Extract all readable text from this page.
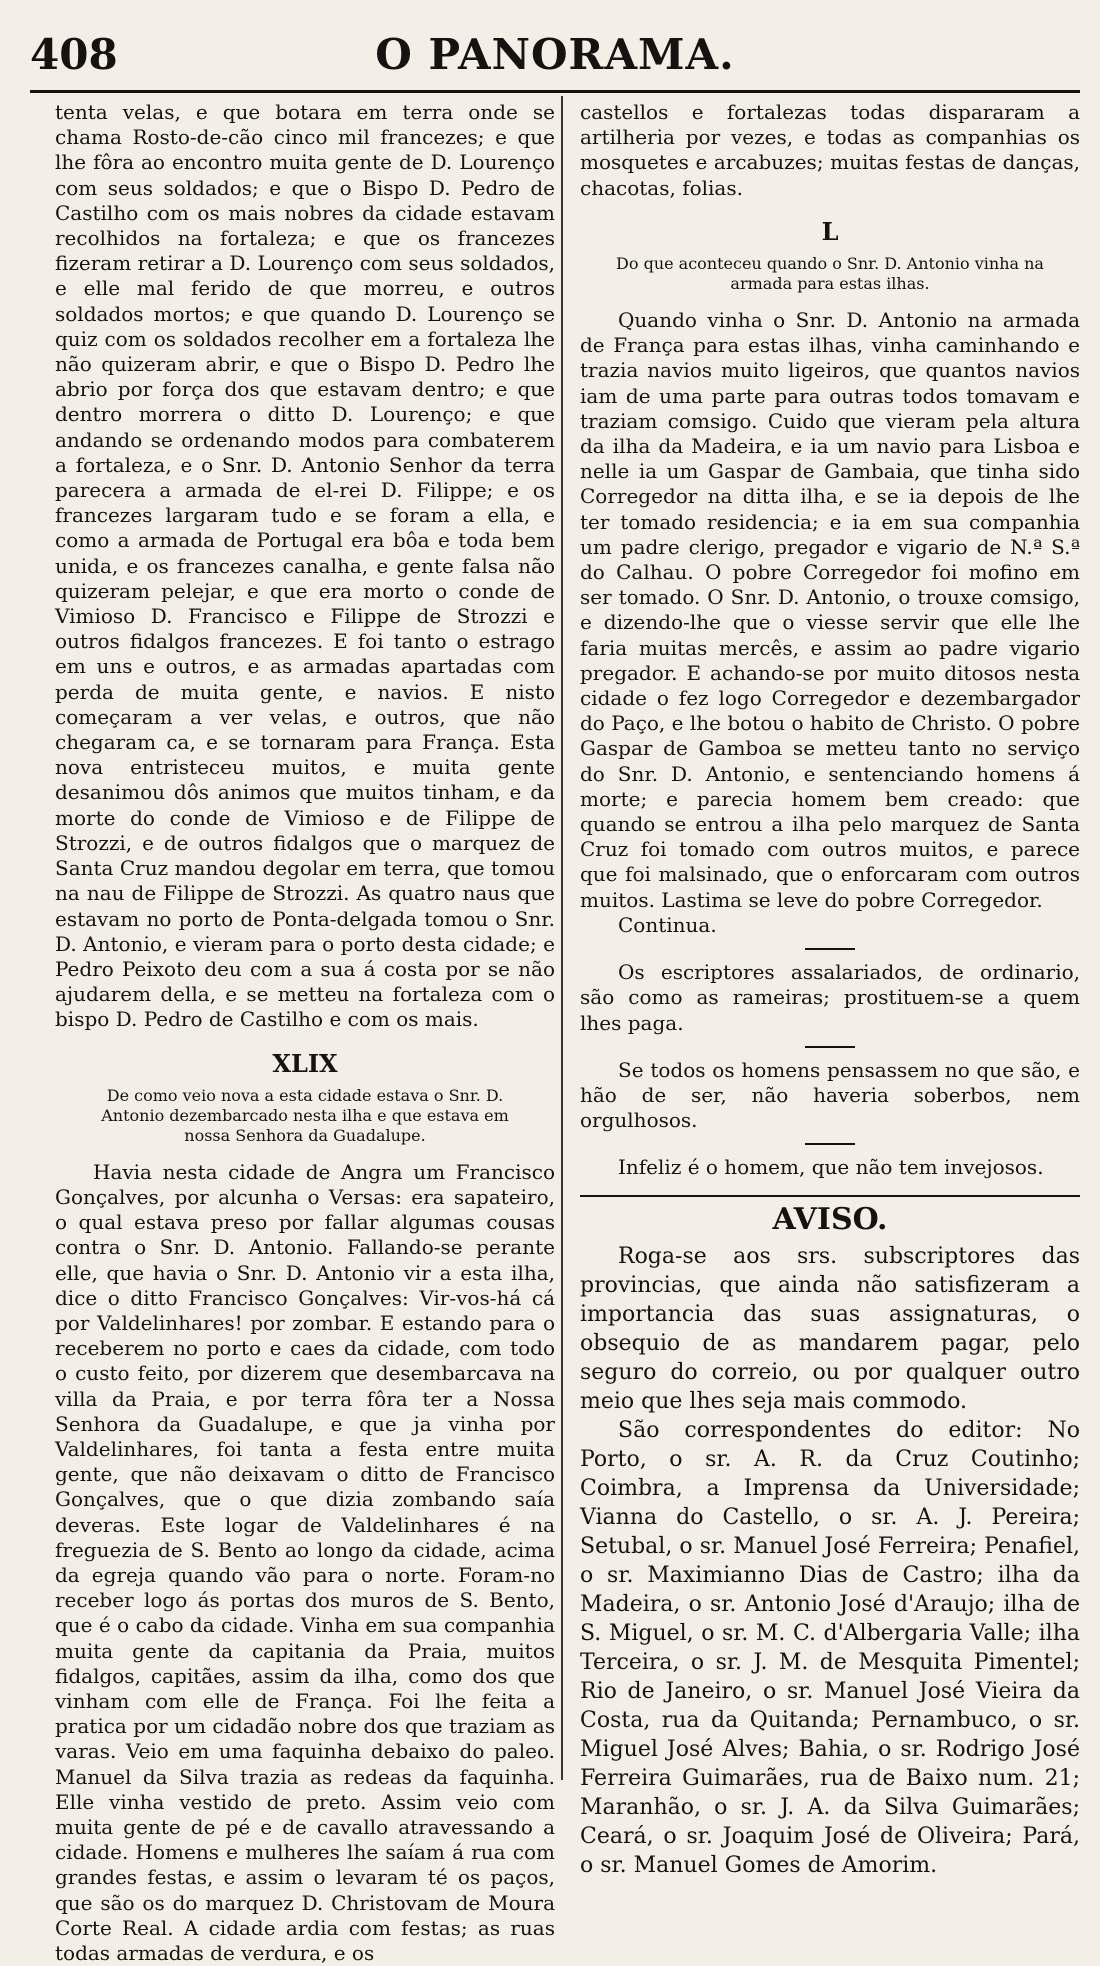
408	O PANORAMA.

tenta velas, e que botara em terra onde se chama Rosto-de-cão cinco mil francezes; e que lhe fôra ao encontro muita gente de D. Lourenço com seus soldados; e que o Bispo D. Pedro de Castilho com os mais nobres da cidade estavam recolhidos na fortaleza; e que os francezes fizeram retirar a D. Lourenço com seus soldados, e elle mal ferido de que morreu, e outros soldados mortos; e que quando D. Lourenço se quiz com os soldados recolher em a fortaleza lhe não quizeram abrir, e que o Bispo D. Pedro lhe abrio por força dos que estavam dentro; e que dentro morrera o ditto D. Lourenço; e que andando se ordenando modos para combaterem a fortaleza, e o Snr. D. Antonio Senhor da terra parecera a armada de el-rei D. Filippe; e os francezes largaram tudo e se foram a ella, e como a armada de Portugal era bôa e toda bem unida, e os francezes canalha, e gente falsa não quizeram pelejar, e que era morto o conde de Vimioso D. Francisco e Filippe de Strozzi e outros fidalgos francezes. E foi tanto o estrago em uns e outros, e as armadas apartadas com perda de muita gente, e navios. E nisto começaram a ver velas, e outros, que não chegaram ca, e se tornaram para França. Esta nova entristeceu muitos, e muita gente desanimou dôs animos que muitos tinham, e da morte do conde de Vimioso e de Filippe de Strozzi, e de outros fidalgos que o marquez de Santa Cruz mandou degolar em terra, que tomou na nau de Filippe de Strozzi. As quatro naus que estavam no porto de Ponta-delgada tomou o Snr. D. Antonio, e vieram para o porto desta cidade; e Pedro Peixoto deu com a sua á costa por se não ajudarem della, e se metteu na fortaleza com o bispo D. Pedro de Castilho e com os mais.

XLIX

De como veio nova a esta cidade estava o Snr. D. Antonio dezembarcado nesta ilha e que estava em nossa Senhora da Guadalupe.

Havia nesta cidade de Angra um Francisco Gonçalves, por alcunha o Versas: era sapateiro, o qual estava preso por fallar algumas cousas contra o Snr. D. Antonio. Fallando-se perante elle, que havia o Snr. D. Antonio vir a esta ilha, dice o ditto Francisco Gonçalves: Vir-vos-há cá por Valdelinhares! por zombar. E estando para o receberem no porto e caes da cidade, com todo o custo feito, por dizerem que desembarcava na villa da Praia, e por terra fôra ter a Nossa Senhora da Guadalupe, e que ja vinha por Valdelinhares, foi tanta a festa entre muita gente, que não deixavam o ditto de Francisco Gonçalves, que o que dizia zombando saía deveras. Este logar de Valdelinhares é na freguezia de S. Bento ao longo da cidade, acima da egreja quando vão para o norte. Foram-no receber logo ás portas dos muros de S. Bento, que é o cabo da cidade. Vinha em sua companhia muita gente da capitania da Praia, muitos fidalgos, capitães, assim da ilha, como dos que vinham com elle de França. Foi lhe feita a pratica por um cidadão nobre dos que traziam as varas. Veio em uma faquinha debaixo do paleo. Manuel da Silva trazia as redeas da faquinha. Elle vinha vestido de preto. Assim veio com muita gente de pé e de cavallo atravessando a cidade. Homens e mulheres lhe saíam á rua com grandes festas, e assim o levaram té os paços, que são os do marquez D. Christovam de Moura Corte Real. A cidade ardia com festas; as ruas todas armadas de verdura, e os

castellos e fortalezas todas dispararam a artilheria por vezes, e todas as companhias os mosquetes e arcabuzes; muitas festas de danças, chacotas, folias.

L

Do que aconteceu quando o Snr. D. Antonio vinha na armada para estas ilhas.

Quando vinha o Snr. D. Antonio na armada de França para estas ilhas, vinha caminhando e trazia navios muito ligeiros, que quantos navios iam de uma parte para outras todos tomavam e traziam comsigo. Cuido que vieram pela altura da ilha da Madeira, e ia um navio para Lisboa e nelle ia um Gaspar de Gambaia, que tinha sido Corregedor na ditta ilha, e se ia depois de lhe ter tomado residencia; e ia em sua companhia um padre clerigo, pregador e vigario de N.ª S.ª do Calhau. O pobre Corregedor foi mofino em ser tomado. O Snr. D. Antonio, o trouxe comsigo, e dizendo-lhe que o viesse servir que elle lhe faria muitas mercês, e assim ao padre vigario pregador. E achando-se por muito ditosos nesta cidade o fez logo Corregedor e dezembargador do Paço, e lhe botou o habito de Christo. O pobre Gaspar de Gamboa se metteu tanto no serviço do Snr. D. Antonio, e sentenciando homens á morte; e parecia homem bem creado: que quando se entrou a ilha pelo marquez de Santa Cruz foi tomado com outros muitos, e parece que foi malsinado, que o enforcaram com outros muitos. Lastima se leve do pobre Corregedor.

Continua.

Os escriptores assalariados, de ordinario, são como as rameiras; prostituem-se a quem lhes paga.

Se todos os homens pensassem no que são, e hão de ser, não haveria soberbos, nem orgulhosos.

Infeliz é o homem, que não tem invejosos.

AVISO.

Roga-se aos srs. subscriptores das provincias, que ainda não satisfizeram a importancia das suas assignaturas, o obsequio de as mandarem pagar, pelo seguro do correio, ou por qualquer outro meio que lhes seja mais commodo.

São correspondentes do editor: No Porto, o sr. A. R. da Cruz Coutinho; Coimbra, a Imprensa da Universidade; Vianna do Castello, o sr. A. J. Pereira; Setubal, o sr. Manuel José Ferreira; Penafiel, o sr. Maximianno Dias de Castro; ilha da Madeira, o sr. Antonio José d'Araujo; ilha de S. Miguel, o sr. M. C. d'Albergaria Valle; ilha Terceira, o sr. J. M. de Mesquita Pimentel; Rio de Janeiro, o sr. Manuel José Vieira da Costa, rua da Quitanda; Pernambuco, o sr. Miguel José Alves; Bahia, o sr. Rodrigo José Ferreira Guimarães, rua de Baixo num. 21; Maranhão, o sr. J. A. da Silva Guimarães; Ceará, o sr. Joaquim José de Oliveira; Pará, o sr. Manuel Gomes de Amorim.
